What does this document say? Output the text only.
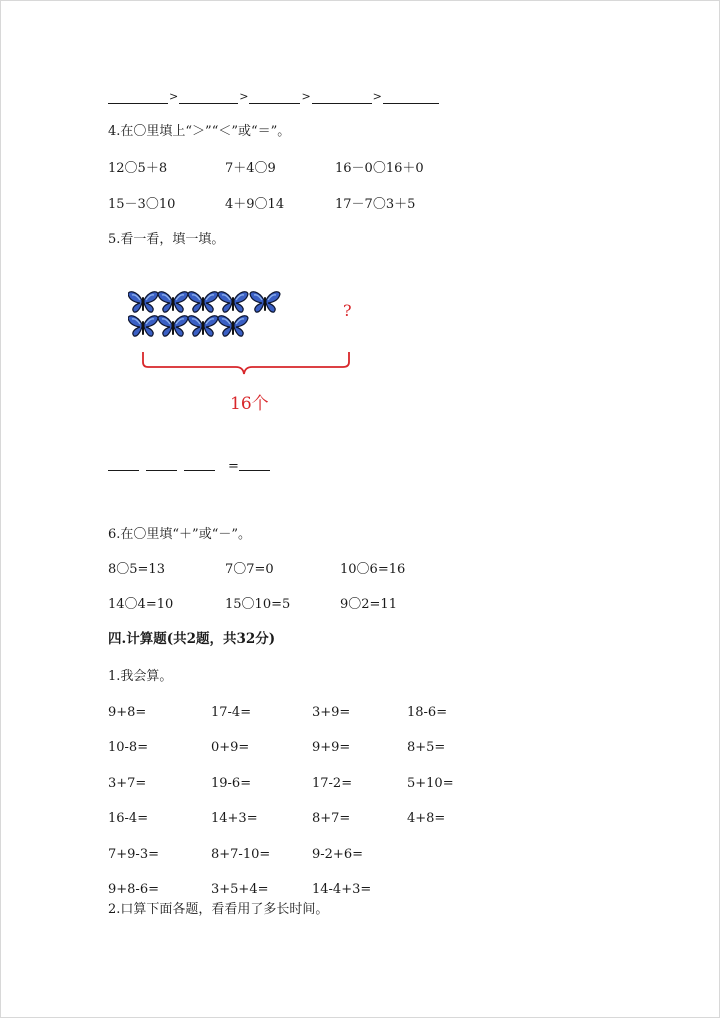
>	>	>	>
4.在〇里填上“＞”“＜”或“＝”。
12〇5＋8	7＋4〇9	16－0〇16＋0
15－3〇10	4＋9〇14	17－7〇3＋5
5.看一看，填一填。
?
16个
=
6.在〇里填“＋”或“－”。
8〇5=13	7〇7=0	10〇6=16
14〇4=10	15〇10=5	9〇2=11
四.计算题(共2题，共32分)
1.我会算。
9+8=	17-4=	3+9=	18-6=
10-8=	0+9=	9+9=	8+5=
3+7=	19-6=	17-2=	5+10=
16-4=	14+3=	8+7=	4+8=
7+9-3=	8+7-10=	9-2+6=
9+8-6=	3+5+4=	14-4+3=
2.口算下面各题，看看用了多长时间。
